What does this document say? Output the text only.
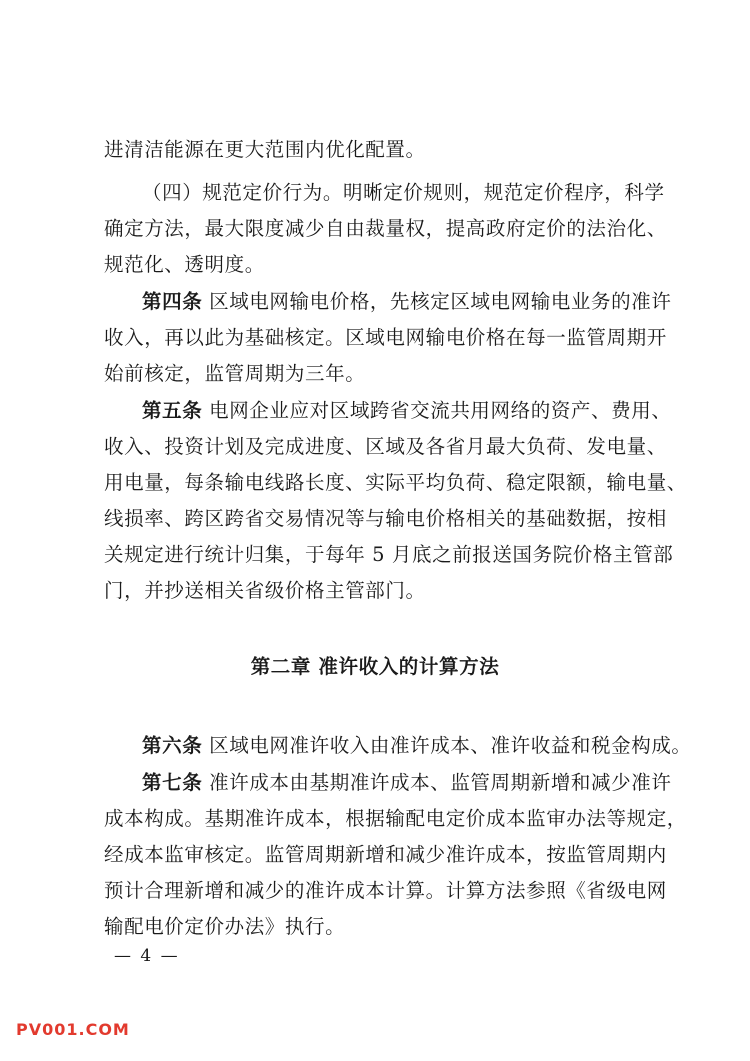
进清洁能源在更大范围内优化配置。
（四）规范定价行为。明晰定价规则，规范定价程序，科学
确定方法，最大限度减少自由裁量权，提高政府定价的法治化、
规范化、透明度。
第四条 区域电网输电价格，先核定区域电网输电业务的准许
收入，再以此为基础核定。区域电网输电价格在每一监管周期开
始前核定，监管周期为三年。
第五条 电网企业应对区域跨省交流共用网络的资产、费用、
收入、投资计划及完成进度、区域及各省月最大负荷、发电量、
用电量，每条输电线路长度、实际平均负荷、稳定限额，输电量、
线损率、跨区跨省交易情况等与输电价格相关的基础数据，按相
关规定进行统计归集，于每年 5 月底之前报送国务院价格主管部
门，并抄送相关省级价格主管部门。
第二章 准许收入的计算方法
第六条 区域电网准许收入由准许成本、准许收益和税金构成。
第七条 准许成本由基期准许成本、监管周期新增和减少准许
成本构成。基期准许成本，根据输配电定价成本监审办法等规定，
经成本监审核定。监管周期新增和减少准许成本，按监管周期内
预计合理新增和减少的准许成本计算。计算方法参照《省级电网
输配电价定价办法》执行。
— 4 —
PV001.COM
